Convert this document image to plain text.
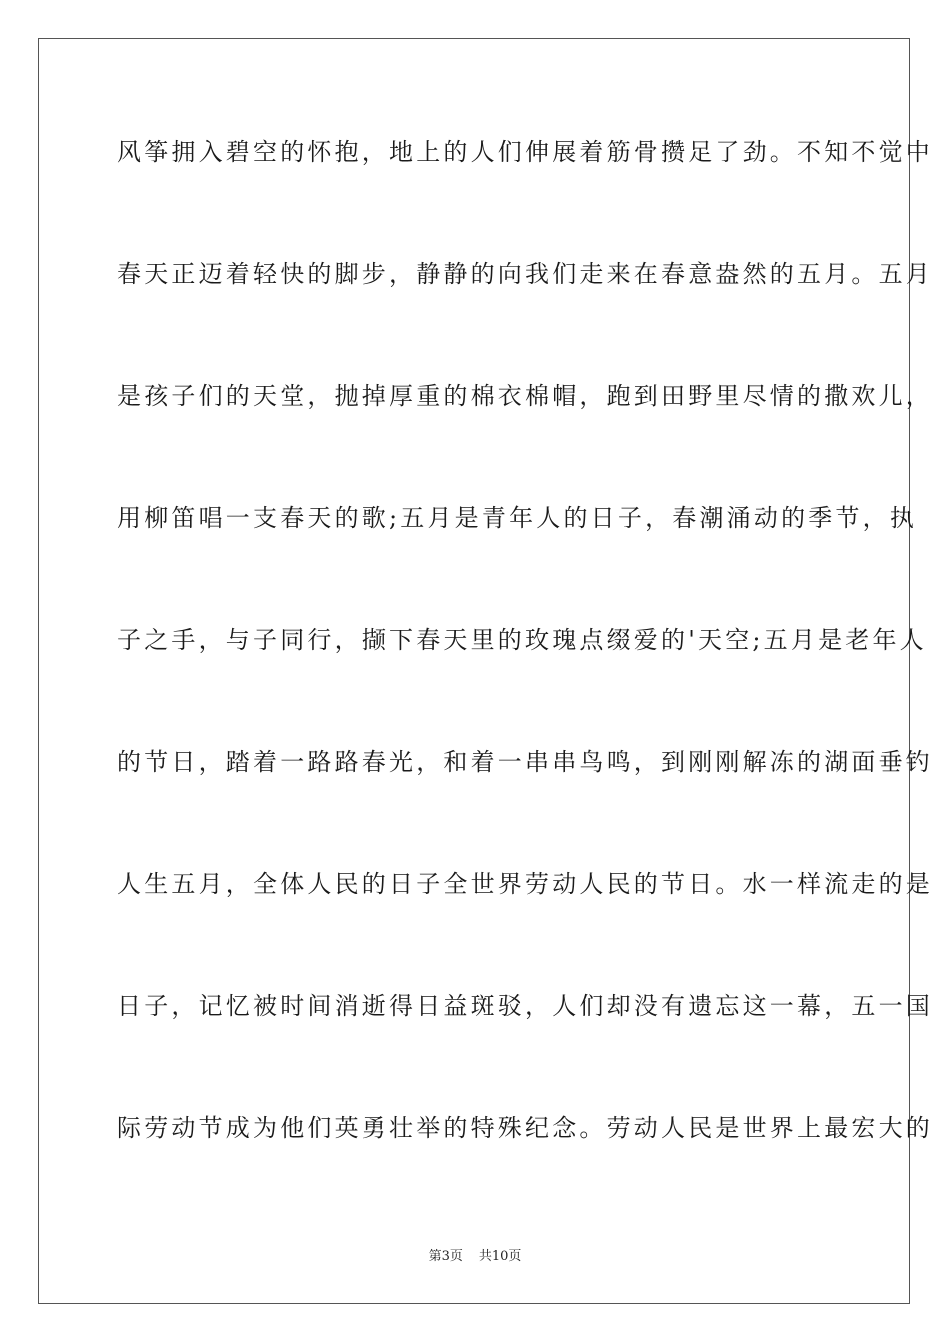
风筝拥入碧空的怀抱，地上的人们伸展着筋骨攒足了劲。不知不觉中
春天正迈着轻快的脚步，静静的向我们走来在春意盎然的五月。五月
是孩子们的天堂，抛掉厚重的棉衣棉帽，跑到田野里尽情的撒欢儿，
用柳笛唱一支春天的歌;五月是青年人的日子，春潮涌动的季节，执
子之手，与子同行，撷下春天里的玫瑰点缀爱的'天空;五月是老年人
的节日，踏着一路路春光，和着一串串鸟鸣，到刚刚解冻的湖面垂钓
人生五月，全体人民的日子全世界劳动人民的节日。水一样流走的是
日子，记忆被时间消逝得日益斑驳，人们却没有遗忘这一幕，五一国
际劳动节成为他们英勇壮举的特殊纪念。劳动人民是世界上最宏大的
第3页 共10页
